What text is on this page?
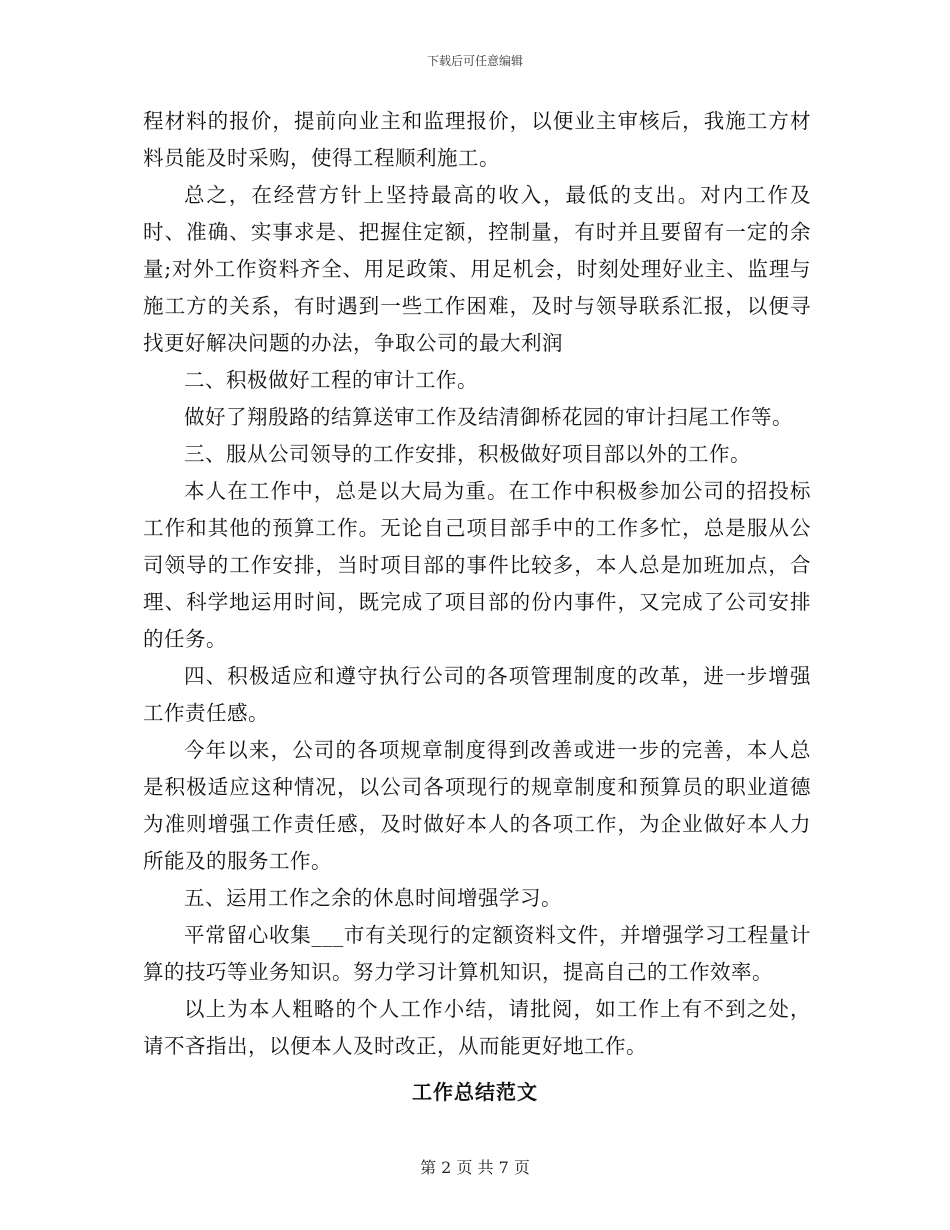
下载后可任意编辑

程材料的报价，提前向业主和监理报价，以便业主审核后，我施工方材料员能及时采购，使得工程顺利施工。

总之，在经营方针上坚持最高的收入，最低的支出。对内工作及时、准确、实事求是、把握住定额，控制量，有时并且要留有一定的余量;对外工作资料齐全、用足政策、用足机会，时刻处理好业主、监理与施工方的关系，有时遇到一些工作困难，及时与领导联系汇报，以便寻找更好解决问题的办法，争取公司的最大利润

二、积极做好工程的审计工作。

做好了翔殷路的结算送审工作及结清御桥花园的审计扫尾工作等。

三、服从公司领导的工作安排，积极做好项目部以外的工作。

本人在工作中，总是以大局为重。在工作中积极参加公司的招投标工作和其他的预算工作。无论自己项目部手中的工作多忙，总是服从公司领导的工作安排，当时项目部的事件比较多，本人总是加班加点，合理、科学地运用时间，既完成了项目部的份内事件，又完成了公司安排的任务。

四、积极适应和遵守执行公司的各项管理制度的改革，进一步增强工作责任感。

今年以来，公司的各项规章制度得到改善或进一步的完善，本人总是积极适应这种情况，以公司各项现行的规章制度和预算员的职业道德为准则增强工作责任感，及时做好本人的各项工作，为企业做好本人力所能及的服务工作。

五、运用工作之余的休息时间增强学习。

平常留心收集___市有关现行的定额资料文件，并增强学习工程量计算的技巧等业务知识。努力学习计算机知识，提高自己的工作效率。

以上为本人粗略的个人工作小结，请批阅，如工作上有不到之处，请不吝指出，以便本人及时改正，从而能更好地工作。

工作总结范文
第 2 页 共 7 页
